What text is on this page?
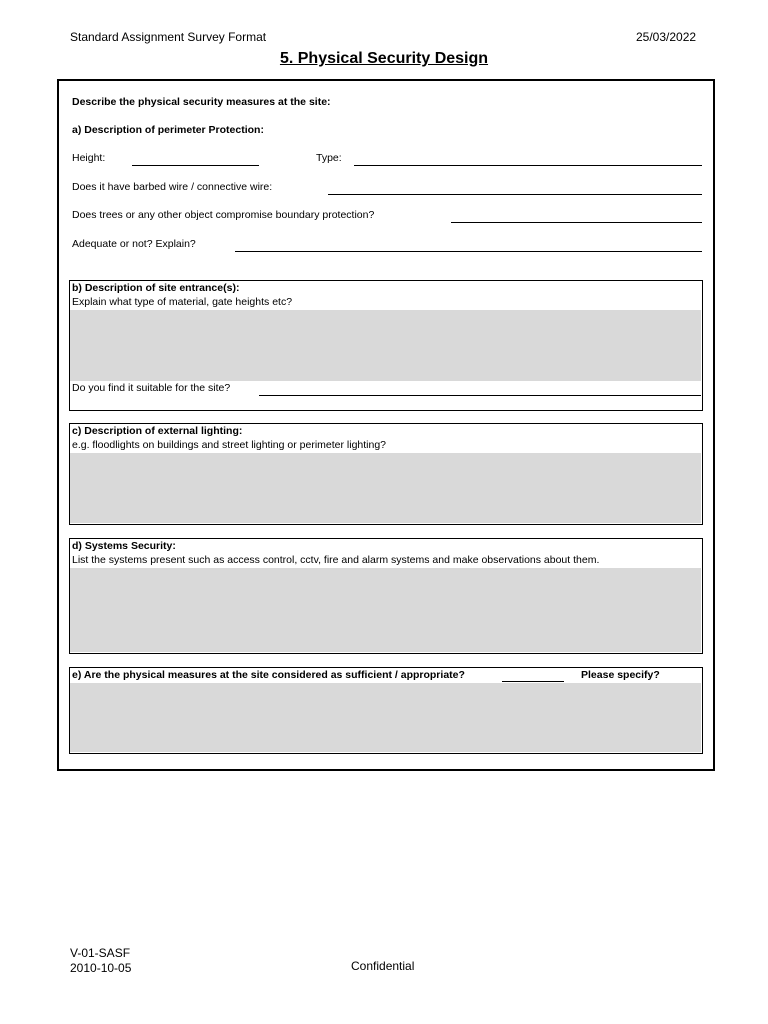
Standard Assignment Survey Format	25/03/2022
5. Physical Security Design
Describe the physical security measures at the site:
a) Description of perimeter Protection:
Height:	Type:
Does it have barbed wire / connective wire:
Does trees or any other object compromise boundary protection?
Adequate or not? Explain?
b) Description of site entrance(s):
Explain what type of material, gate heights etc?
Do you find it suitable for the site?
c) Description of external lighting:
e.g. floodlights on buildings and street lighting or perimeter lighting?
d) Systems Security:
List the systems present such as access control, cctv, fire and alarm systems and make observations about them.
e) Are the physical measures at the site considered as sufficient / appropriate?	Please specify?
V-01-SASF
2010-10-05	Confidential
